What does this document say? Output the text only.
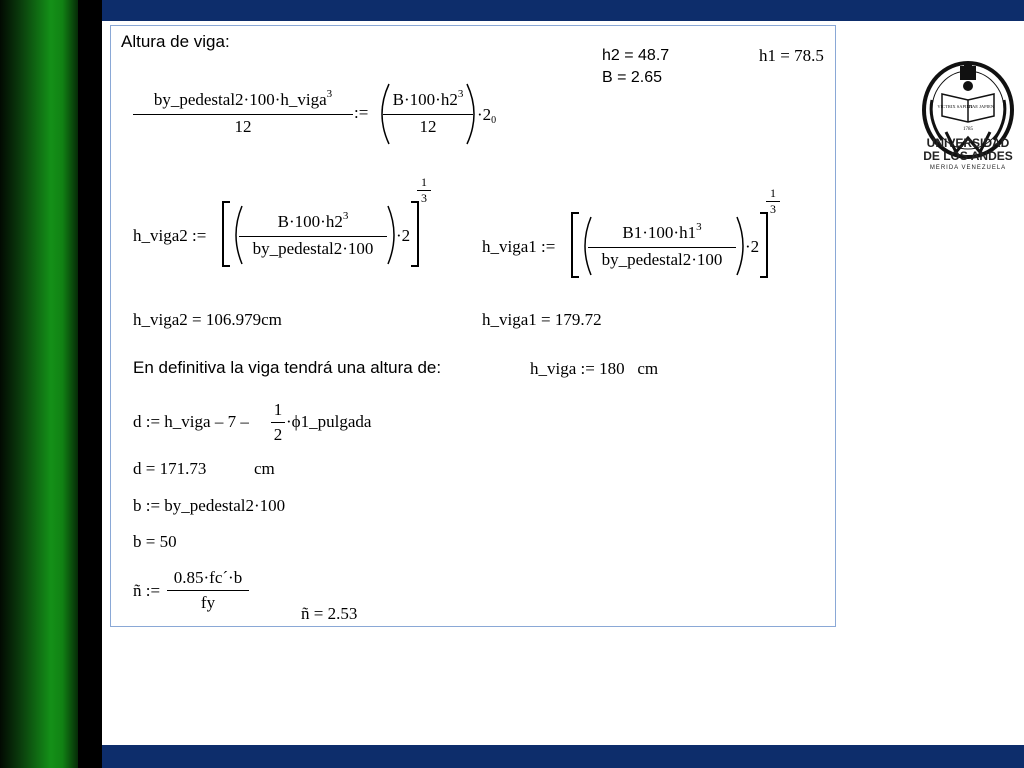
Altura de viga:
h2 = 48.7	h1 = 78.5
B = 2.65
by_pedestal2·100·h_viga$^3$
12
:=
$B\cdot 100\cdot h2^3$
12
·20
h_viga2 :=
$B\cdot 100\cdot h2^3$
by_pedestal2·100
·2
1
3
h_viga1 :=
$B1\cdot 100\cdot h1^3$
by_pedestal2·100
·2
1
3
h_viga2 = 106.979cm	h_viga1 = 179.72
En definitiva la viga tendrá una altura de:	h_viga := 180   cm
d := h_viga – 7 –
1
2
·ϕ1_pulgada
d = 171.73	cm
b := by_pedestal2·100
b = 50
ñ :=
0.85·fc´·b
fy
ñ = 2.53
VICTRIX SAPIEN
TIAE JAPIEN
1785
UNIVERSIDAD
DE LOS ANDES
MERIDA VENEZUELA
